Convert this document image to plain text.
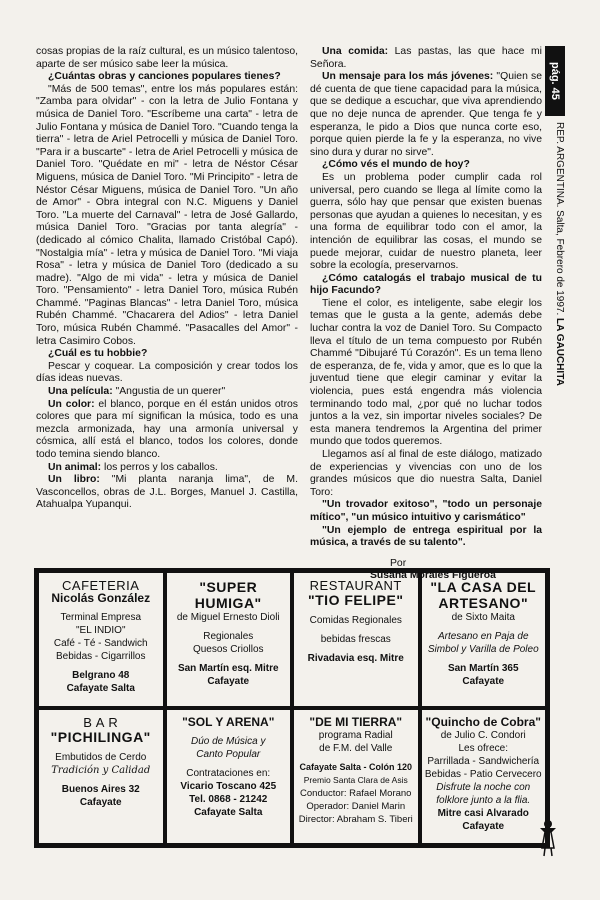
cosas propias de la raíz cultural, es un músico talentoso, aparte de ser músico sabe leer la música.

¿Cuántas obras y canciones populares tienes?

"Más de 500 temas", entre los más populares están: "Zamba para olvidar" - con la letra de Julio Fontana y música de Daniel Toro. "Escríbeme una carta" - letra de Julio Fontana y música de Daniel Toro. "Cuando tenga la tierra" - letra de Ariel Petrocelli y música de Daniel Toro. "Para ir a buscarte" - letra de Ariel Petrocelli y música de Daniel Toro. "Quédate en mi" - letra de Néstor César Miguens, música de Daniel Toro. "Mi Principito" - letra de Néstor César Miguens, música de Daniel Toro. "Un año de Amor" - Obra integral con N.C. Miguens y Daniel Toro. "La muerte del Carnaval" - letra de José Gallardo, música Daniel Toro. "Gracias por tanta alegría" - (dedicado al cómico Chalita, llamado Cristóbal Capó). "Nostalgia mía" - letra y música de Daniel Toro. "Mi viaja Rosa" - letra y música de Daniel Toro (dedicado a su madre). "Algo de mi vida" - letra y música de Daniel Toro. "Pensamiento" - letra Daniel Toro, música Rubén Chammé. "Paginas Blancas" - letra Daniel Toro, música Rubén Chammé. "Chacarera del Adios" - letra Daniel Toro, música Rubén Chammé. "Pasacalles del Amor" - letra Casimiro Cobos.

¿Cuál es tu hobbie?

Pescar y coquear. La composición y crear todos los días ideas nuevas.

Una película: "Angustia de un querer"

Un color: el blanco, porque en él están unidos otros colores que para mí significan la música, todo es una mezcla armonizada, hay una armonía universal y cósmica, allí está el blanco, todos los colores, donde todo temina siendo blanco.

Un animal: los perros y los caballos.

Un libro: "Mi planta naranja lima", de M. Vasconcellos, obras de J.L. Borges, Manuel J. Castilla, Atahualpa Yupanqui.

Una comida: Las pastas, las que hace mi Señora.

Un mensaje para los más jóvenes: "Quien se dé cuenta de que tiene capacidad para la música, que se dedique a escuchar, que viva aprendiendo que no deje nunca de aprender. Que tenga fe y esperanza, le pido a Dios que nunca corte eso, porque quien pierde la fe y la esperanza, no vive sino dura y durar no sirve".

¿Cómo vés el mundo de hoy?

Es un problema poder cumplir cada rol universal, pero cuando se llega al límite como la guerra, sólo hay que pensar que existen buenas personas que ayudan a quienes lo necesitan, y es una forma de equilibrar todo con el amor, la intención de equilibrar las cosas, el mundo se puede mejorar, cuidar de nuestro planeta, leer sobre la ecología, preservarnos.

¿Cómo catalogás el trabajo musical de tu hijo Facundo?

Tiene el color, es inteligente, sabe elegir los temas que le gusta a la gente, además debe luchar contra la voz de Daniel Toro. Su Compacto lleva el título de un tema compuesto por Rubén Chammé "Dibujaré Tú Corazón". Es un tema lleno de esperanza, de fe, vida y amor, que es lo que la juventud tiene que elegir caminar y evitar la violencia, pues está engendra más violencia terminando todo mal, ¿por qué no luchar todos juntos a la vez, sin importar niveles sociales? De esta manera tendremos la Argentina del primer mundo que todos queremos.

Llegamos así al final de este diálogo, matizado de experiencias y vivencias con uno de los grandes músicos que dio nuestra Salta, Daniel Toro:

"Un trovador exitoso", "todo un personaje mítico", "un músico intuitivo y carismático"

"Un ejemplo de entrega espiritual por la música, a través de su talento".

Por
Susana Morales Figueroa
pág. 45
REP. ARGENTINA. Salta, Febrero de 1997. LA GAUCHITA
CAFETERIA
Nicolás González
Terminal Empresa
"EL INDIO"
Café - Té - Sandwich
Bebidas - Cigarrillos
Belgrano 48
Cafayate Salta
"SUPER
HUMIGA"
de Miguel Ernesto Dioli
Regionales
Quesos Criollos
San Martín esq. Mitre
Cafayate
RESTAURANT
"TIO FELIPE"
Comidas Regionales
bebidas frescas
Rivadavia esq. Mitre
"LA CASA DEL
ARTESANO"
de Sixto Maita
Artesano en Paja de Simbol y Varilla de Poleo
San Martín 365
Cafayate
B A R
"PICHILINGA"
Embutidos de Cerdo
Tradición y Calidad
Buenos Aires 32
Cafayate
"SOL Y ARENA"
Dúo de Música y
Canto Popular
Contrataciones en:
Vicario Toscano 425
Tel. 0868 - 21242
Cafayate Salta
"DE MI TIERRA"
programa Radial
de F.M. del Valle
Cafayate Salta - Colón 120
Premio Santa Clara de Asis
Conductor: Rafael Morano
Operador: Daniel Marin
Director: Abraham S. Tiberi
"Quincho de Cobra"
de Julio C. Condori
Les ofrece:
Parrillada - Sandwichería
Bebidas - Patio Cervecero
Disfrute la noche con folklore junto a la flia.
Mitre casi Alvarado
Cafayate
